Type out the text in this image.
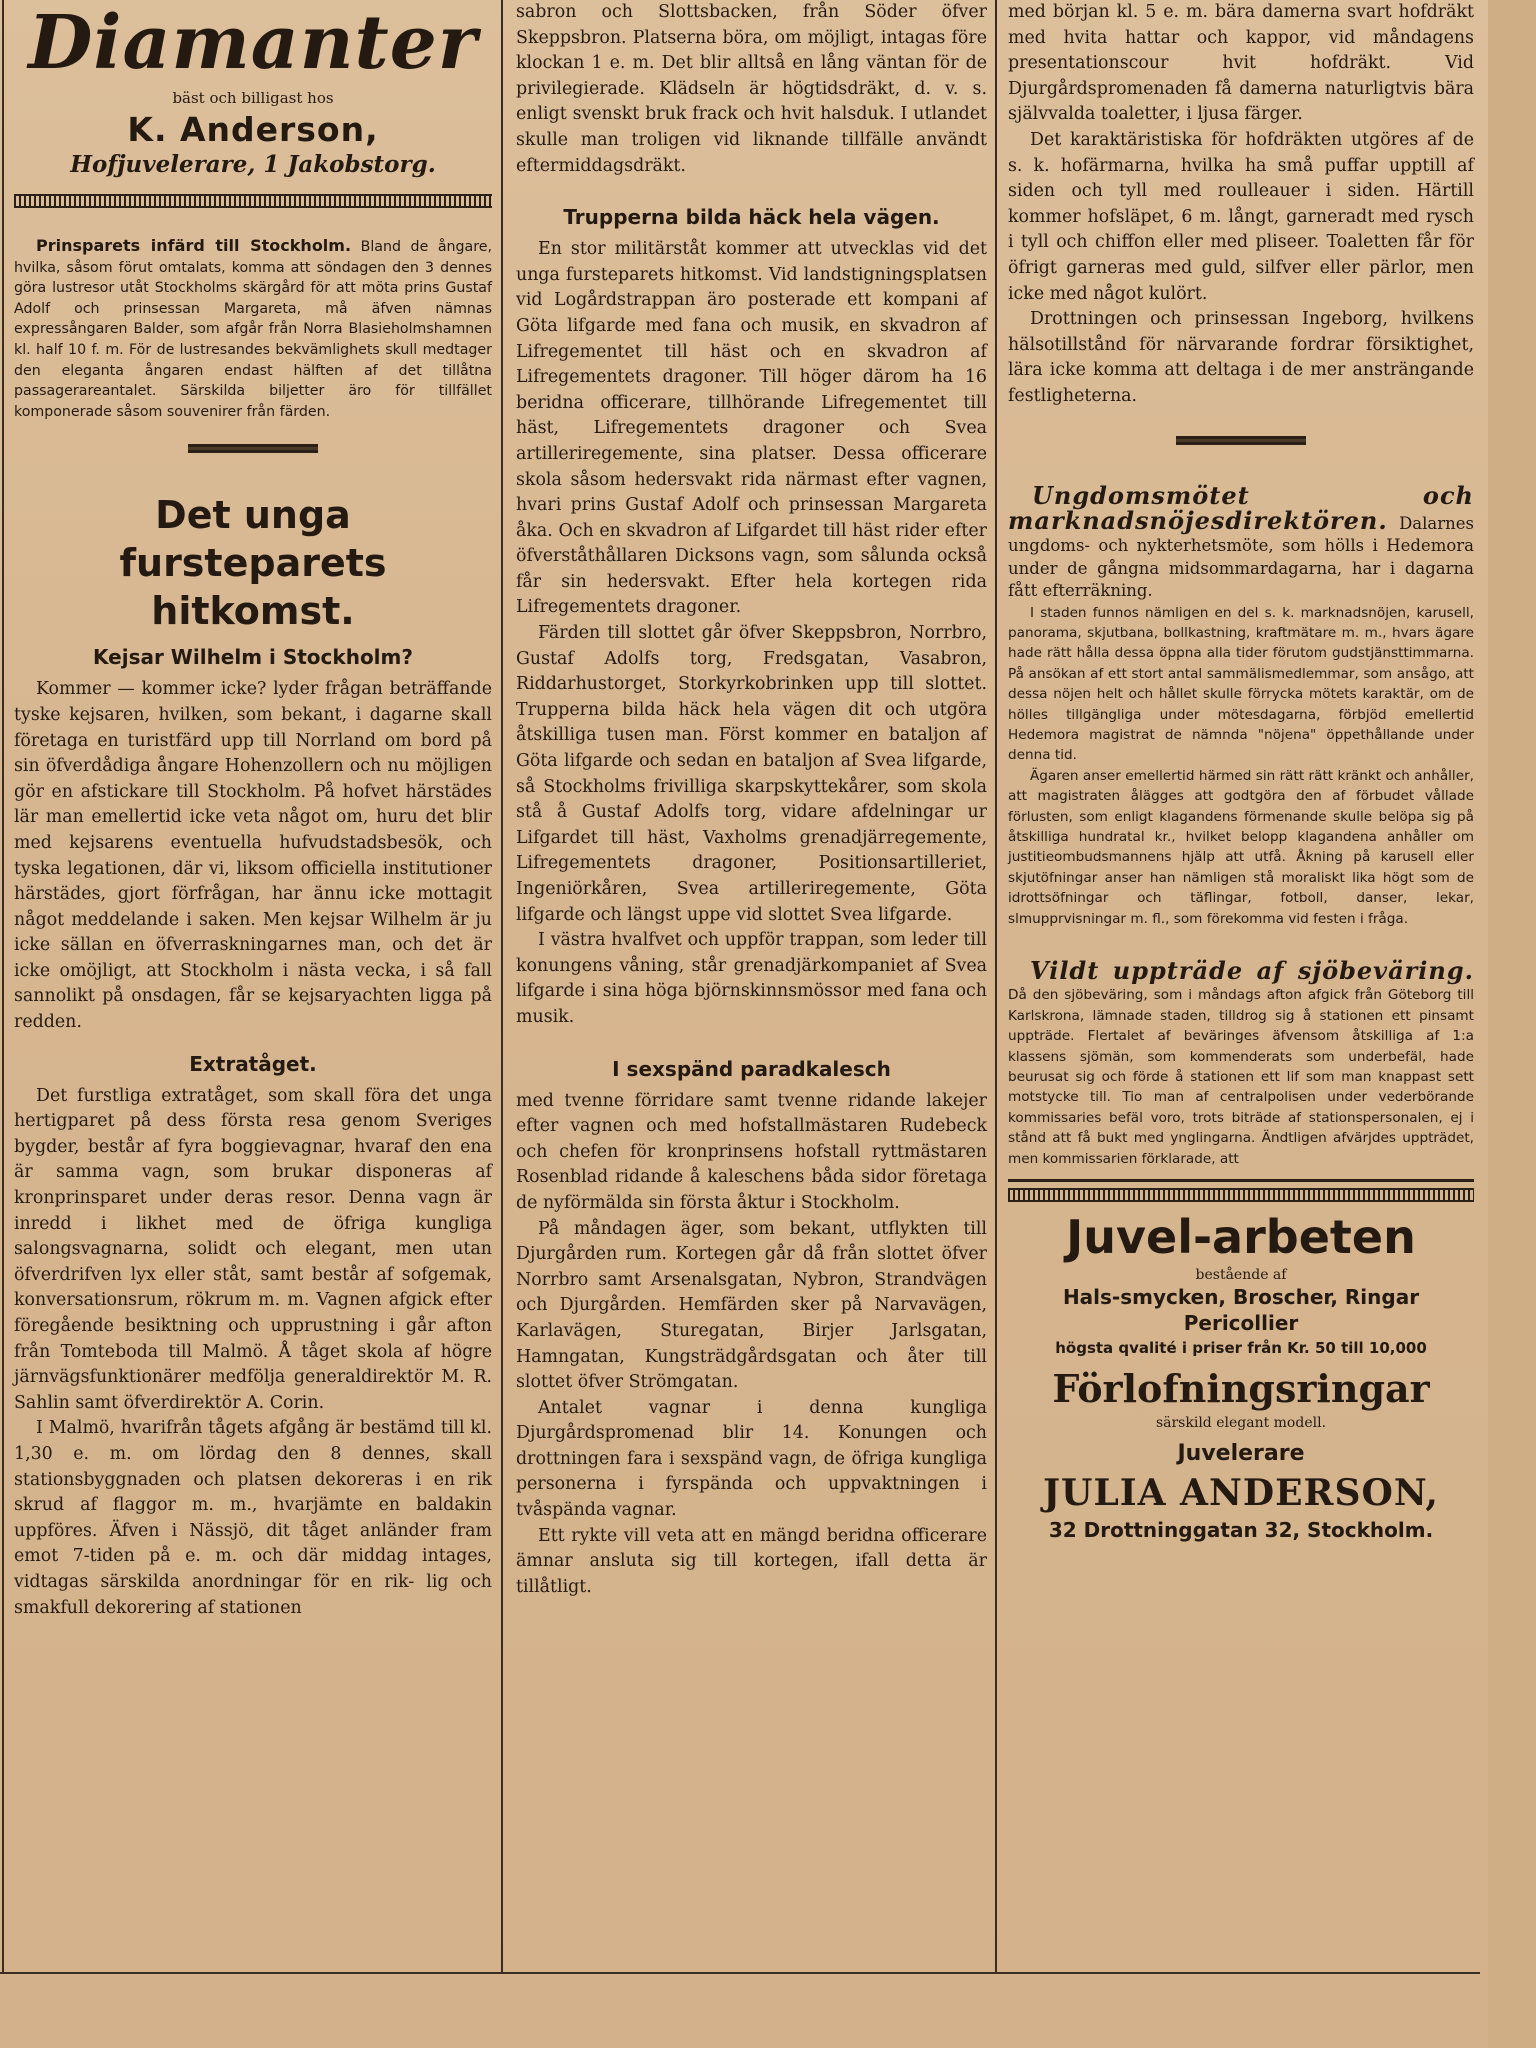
Diamanter
bäst och billigast hos
K. Anderson,
Hofjuvelerare, 1 Jakobstorg.

Prinsparets infärd till Stockholm. Bland de ångare, hvilka, såsom förut omtalats, komma att söndagen den 3 dennes göra lustresor utåt Stockholms skärgård för att möta prins Gustaf Adolf och prinsessan Margareta, må äfven nämnas expressångaren Balder, som afgår från Norra Blasieholmshamnen kl. half 10 f. m. För de lustresandes bekvämlighets skull medtager den eleganta ångaren endast hälften af det tillåtna passagerareantalet. Särskilda biljetter äro för tillfället komponerade såsom souvenirer från färden.

Det unga fursteparets hitkomst.
Kejsar Wilhelm i Stockholm?

Kommer — kommer icke? lyder frågan beträffande tyske kejsaren, hvilken, som bekant, i dagarne skall företaga en turistfärd upp till Norrland om bord på sin öfverdådiga ångare Hohenzollern och nu möjligen gör en afstickare till Stockholm. På hofvet härstädes lär man emellertid icke veta något om, huru det blir med kejsarens eventuella hufvudstadsbesök, och tyska legationen, där vi, liksom officiella institutioner härstädes, gjort förfrågan, har ännu icke mottagit något meddelande i saken. Men kejsar Wilhelm är ju icke sällan en öfverraskningarnes man, och det är icke omöjligt, att Stockholm i nästa vecka, i så fall sannolikt på onsdagen, får se kejsaryachten ligga på redden.

Extratåget.

Det furstliga extratåget, som skall föra det unga hertigparet på dess första resa genom Sveriges bygder, består af fyra boggievagnar, hvaraf den ena är samma vagn, som brukar disponeras af kronprinsparet under deras resor. Denna vagn är inredd i likhet med de öfriga kungliga salongsvagnarna, solidt och elegant, men utan öfverdrifven lyx eller ståt, samt består af sofgemak, konversationsrum, rökrum m. m. Vagnen afgick efter föregående besiktning och upprustning i går afton från Tomteboda till Malmö. Å tåget skola af högre järnvägsfunktionärer medfölja generaldirektör M. R. Sahlin samt öfverdirektör A. Corin.

I Malmö, hvarifrån tågets afgång är bestämd till kl. 1,30 e. m. om lördag den 8 dennes, skall stationsbyggnaden och platsen dekoreras i en rik skrud af flaggor m. m., hvarjämte en baldakin uppföres. Äfven i Nässjö, dit tåget anländer fram emot 7-tiden på e. m. och där middag intages, vidtagas särskilda anordningar för en rik- lig och smakfull dekorering af stationen

sabron och Slottsbacken, från Söder öfver Skeppsbron. Platserna böra, om möjligt, intagas före klockan 1 e. m. Det blir alltså en lång väntan för de privilegierade. Klädseln är högtidsdräkt, d. v. s. enligt svenskt bruk frack och hvit halsduk. I utlandet skulle man troligen vid liknande tillfälle användt eftermiddagsdräkt.

Trupperna bilda häck hela vägen.

En stor militärståt kommer att utvecklas vid det unga fursteparets hitkomst. Vid landstigningsplatsen vid Logårdstrappan äro posterade ett kompani af Göta lifgarde med fana och musik, en skvadron af Lifregementet till häst och en skvadron af Lifregementets dragoner. Till höger därom ha 16 beridna officerare, tillhörande Lifregementet till häst, Lifregementets dragoner och Svea artilleriregemente, sina platser. Dessa officerare skola såsom hedersvakt rida närmast efter vagnen, hvari prins Gustaf Adolf och prinsessan Margareta åka. Och en skvadron af Lifgardet till häst rider efter öfverståthållaren Dicksons vagn, som sålunda också får sin hedersvakt. Efter hela kortegen rida Lifregementets dragoner.

Färden till slottet går öfver Skeppsbron, Norrbro, Gustaf Adolfs torg, Fredsgatan, Vasabron, Riddarhustorget, Storkyrkobrinken upp till slottet. Trupperna bilda häck hela vägen dit och utgöra åtskilliga tusen man. Först kommer en bataljon af Göta lifgarde och sedan en bataljon af Svea lifgarde, så Stockholms frivilliga skarpskyttekårer, som skola stå å Gustaf Adolfs torg, vidare afdelningar ur Lifgardet till häst, Vaxholms grenadjärregemente, Lifregementets dragoner, Positionsartilleriet, Ingeniörkåren, Svea artilleriregemente, Göta lifgarde och längst uppe vid slottet Svea lifgarde.

I västra hvalfvet och uppför trappan, som leder till konungens våning, står grenadjärkompaniet af Svea lifgarde i sina höga björnskinnsmössor med fana och musik.

I sexspänd paradkalesch

med tvenne förridare samt tvenne ridande lakejer efter vagnen och med hofstallmästaren Rudebeck och chefen för kronprinsens hofstall ryttmästaren Rosenblad ridande å kaleschens båda sidor företaga de nyförmälda sin första åktur i Stockholm.

På måndagen äger, som bekant, utflykten till Djurgården rum. Kortegen går då från slottet öfver Norrbro samt Arsenalsgatan, Nybron, Strandvägen och Djurgården. Hemfärden sker på Narvavägen, Karlavägen, Sturegatan, Birjer Jarlsgatan, Hamngatan, Kungsträdgårdsgatan och åter till slottet öfver Strömgatan.

Antalet vagnar i denna kungliga Djurgårdspromenad blir 14. Konungen och drottningen fara i sexspänd vagn, de öfriga kungliga personerna i fyrspända och uppvaktningen i tvåspända vagnar.

Ett rykte vill veta att en mängd beridna officerare ämnar ansluta sig till kortegen, ifall detta är tillåtligt.

med början kl. 5 e. m. bära damerna svart hofdräkt med hvita hattar och kappor, vid måndagens presentationscour hvit hofdräkt. Vid Djurgårdspromenaden få damerna naturligtvis bära självvalda toaletter, i ljusa färger.

Det karaktäristiska för hofdräkten utgöres af de s. k. hofärmarna, hvilka ha små puffar upptill af siden och tyll med roulleauer i siden. Härtill kommer hofsläpet, 6 m. långt, garneradt med rysch i tyll och chiffon eller med pliseer. Toaletten får för öfrigt garneras med guld, silfver eller pärlor, men icke med något kulört.

Drottningen och prinsessan Ingeborg, hvilkens hälsotillstånd för närvarande fordrar försiktighet, lära icke komma att deltaga i de mer ansträngande festligheterna.

Ungdomsmötet och marknadsnöjesdirektören. Dalarnes ungdoms- och nykterhetsmöte, som hölls i Hedemora under de gångna midsommardagarna, har i dagarna fått efterräkning.

I staden funnos nämligen en del s. k. marknadsnöjen, karusell, panorama, skjutbana, bollkastning, kraftmätare m. m., hvars ägare hade rätt hålla dessa öppna alla tider förutom gudstjänsttimmarna. På ansökan af ett stort antal sammälismedlemmar, som ansågo, att dessa nöjen helt och hållet skulle förrycka mötets karaktär, om de hölles tillgängliga under mötesdagarna, förbjöd emellertid Hedemora magistrat de nämnda "nöjena" öppethållande under denna tid.

Ägaren anser emellertid härmed sin rätt rätt kränkt och anhåller, att magistraten ålägges att godtgöra den af förbudet vållade förlusten, som enligt klagandens förmenande skulle belöpa sig på åtskilliga hundratal kr., hvilket belopp klagandena anhåller om justitieombudsmannens hjälp att utfå. Åkning på karusell eller skjutöfningar anser han nämligen stå moraliskt lika högt som de idrottsöfningar och täflingar, fotboll, danser, lekar, slmupprvisningar m. fl., som förekomma vid festen i fråga.

Vildt uppträde af sjöbeväring. Då den sjöbeväring, som i måndags afton afgick från Göteborg till Karlskrona, lämnade staden, tilldrog sig å stationen ett pinsamt uppträde. Flertalet af beväringes äfvensom åtskilliga af 1:a klassens sjömän, som kommenderats som underbefäl, hade beurusat sig och förde å stationen ett lif som man knappast sett motstycke till. Tio man af centralpolisen under vederbörande kommissaries befäl voro, trots biträde af stationspersonalen, ej i stånd att få bukt med ynglingarna. Ändtligen afvärjdes uppträdet, men kommissarien förklarade, att

Juvel-arbeten
bestående af
Hals-smycken, Broscher, Ringar
Pericollier
högsta qvalité i priser från Kr. 50 till 10,000
Förlofningsringar
särskild elegant modell.
Juvelerare
JULIA ANDERSON,
32 Drottninggatan 32, Stockholm.
